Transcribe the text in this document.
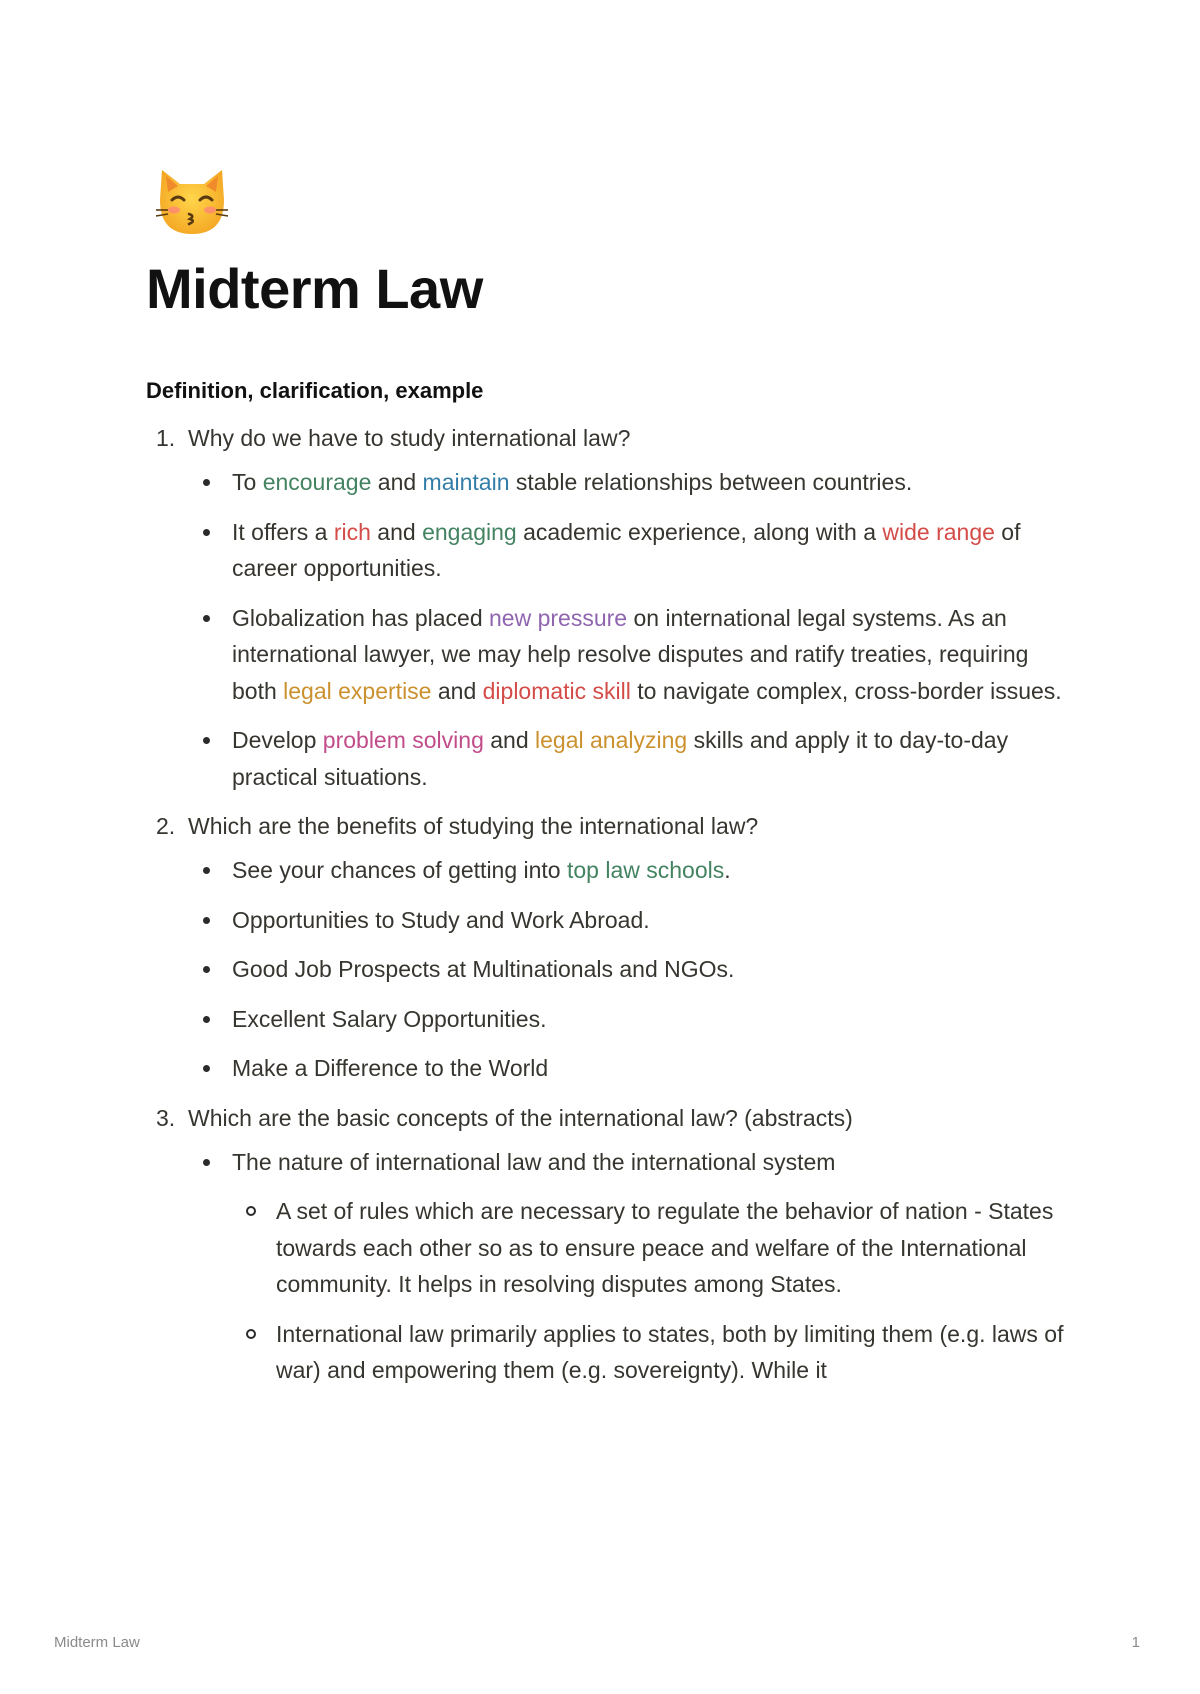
Midterm Law
Definition, clarification, example
1. Why do we have to study international law?
To encourage and maintain stable relationships between countries.
It offers a rich and engaging academic experience, along with a wide range of career opportunities.
Globalization has placed new pressure on international legal systems. As an international lawyer, we may help resolve disputes and ratify treaties, requiring both legal expertise and diplomatic skill to navigate complex, cross-border issues.
Develop problem solving and legal analyzing skills and apply it to day-to-day practical situations.
2. Which are the benefits of studying the international law?
See your chances of getting into top law schools.
Opportunities to Study and Work Abroad.
Good Job Prospects at Multinationals and NGOs.
Excellent Salary Opportunities.
Make a Difference to the World
3. Which are the basic concepts of the international law? (abstracts)
The nature of international law and the international system
A set of rules which are necessary to regulate the behavior of nation - States towards each other so as to ensure peace and welfare of the International community. It helps in resolving disputes among States.
International law primarily applies to states, both by limiting them (e.g. laws of war) and empowering them (e.g. sovereignty). While it
Midterm Law	1
